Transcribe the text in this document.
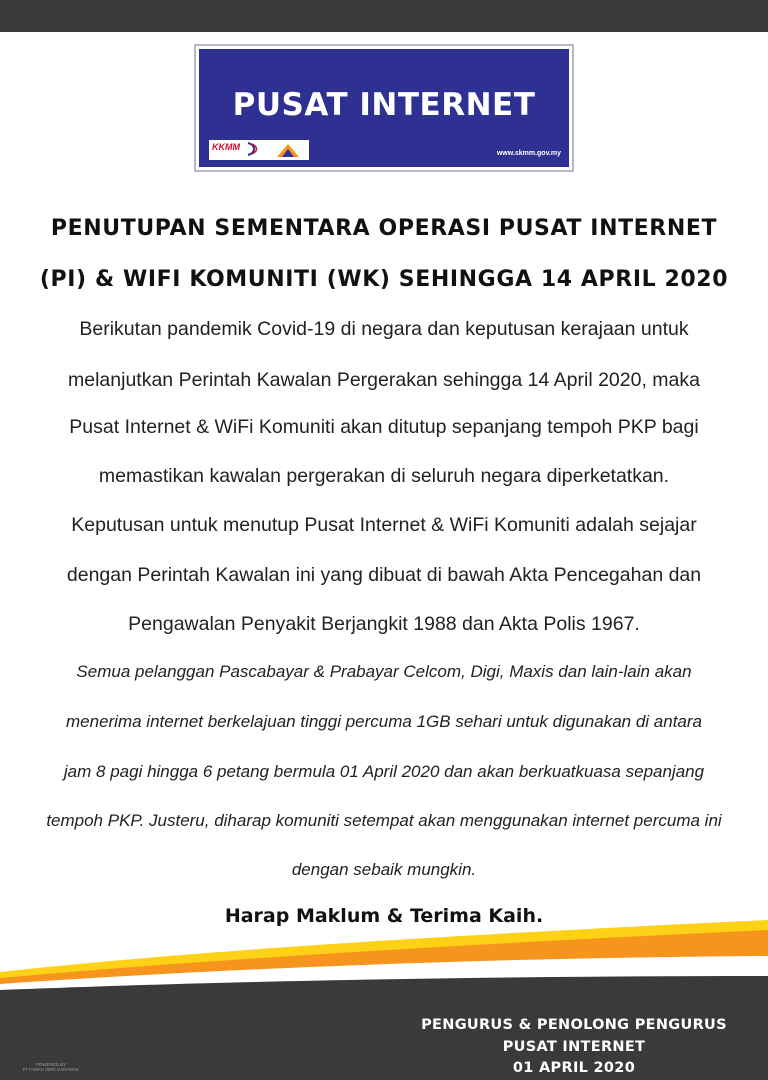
PUSAT INTERNET
KKMM
www.skmm.gov.my
PENUTUPAN SEMENTARA OPERASI PUSAT INTERNET
(PI) & WIFI KOMUNITI (WK) SEHINGGA 14 APRIL 2020
Berikutan pandemik Covid-19 di negara dan keputusan kerajaan untuk
melanjutkan Perintah Kawalan Pergerakan sehingga 14 April 2020, maka
Pusat Internet & WiFi Komuniti akan ditutup sepanjang tempoh PKP bagi
memastikan kawalan pergerakan di seluruh negara diperketatkan.
Keputusan untuk menutup Pusat Internet & WiFi Komuniti adalah sejajar
dengan Perintah Kawalan ini yang dibuat di bawah Akta Pencegahan dan
Pengawalan Penyakit Berjangkit 1988 dan Akta Polis 1967.
Semua pelanggan Pascabayar & Prabayar Celcom, Digi, Maxis dan lain-lain akan
menerima internet berkelajuan tinggi percuma 1GB sehari untuk digunakan di antara
jam 8 pagi hingga 6 petang bermula 01 April 2020 dan akan berkuatkuasa sepanjang
tempoh PKP. Justeru, diharap komuniti setempat akan menggunakan internet percuma ini
dengan sebaik mungkin.
Harap Maklum & Terima Kaih.
PENGURUS & PENOLONG PENGURUS
PUSAT INTERNET
01 APRIL 2020
POWERED BY
PI TAMAN SERI SARAWAK
